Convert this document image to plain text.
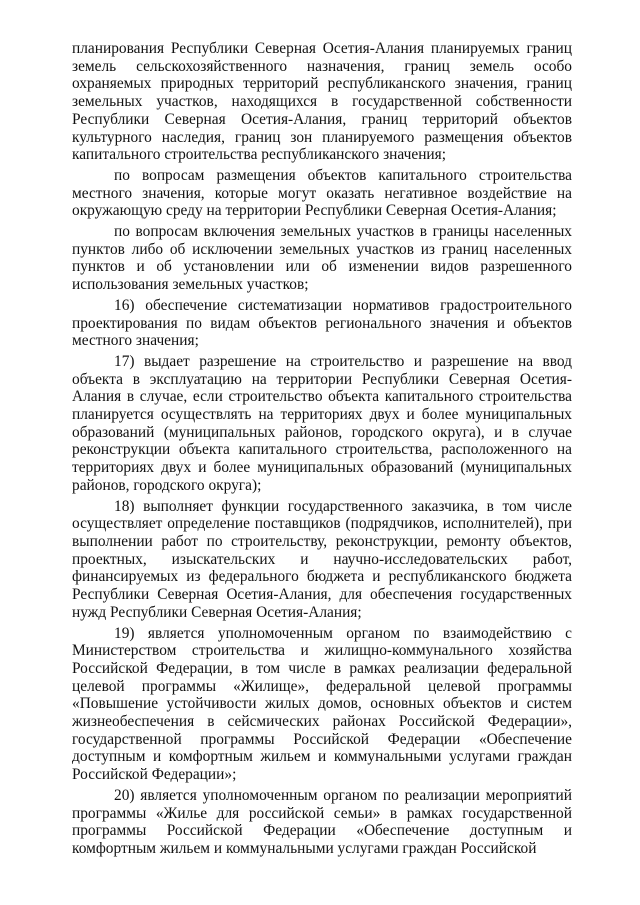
планирования Республики Северная Осетия-Алания планируемых границ земель сельскохозяйственного назначения, границ земель особо охраняемых природных территорий республиканского значения, границ земельных участков, находящихся в государственной собственности Республики Северная Осетия-Алания, границ территорий объектов культурного наследия, границ зон планируемого размещения объектов капитального строительства республиканского значения;

по вопросам размещения объектов капитального строительства местного значения, которые могут оказать негативное воздействие на окружающую среду на территории Республики Северная Осетия-Алания;

по вопросам включения земельных участков в границы населенных пунктов либо об исключении земельных участков из границ населенных пунктов и об установлении или об изменении видов разрешенного использования земельных участков;

16) обеспечение систематизации нормативов градостроительного проектирования по видам объектов регионального значения и объектов местного значения;

17) выдает разрешение на строительство и разрешение на ввод объекта в эксплуатацию на территории Республики Северная Осетия-Алания в случае, если строительство объекта капитального строительства планируется осуществлять на территориях двух и более муниципальных образований (муниципальных районов, городского округа), и в случае реконструкции объекта капитального строительства, расположенного на территориях двух и более муниципальных образований (муниципальных районов, городского округа);

18) выполняет функции государственного заказчика, в том числе осуществляет определение поставщиков (подрядчиков, исполнителей), при выполнении работ по строительству, реконструкции, ремонту объектов, проектных, изыскательских и научно-исследовательских работ, финансируемых из федерального бюджета и республиканского бюджета Республики Северная Осетия-Алания, для обеспечения государственных нужд Республики Северная Осетия-Алания;

19) является уполномоченным органом по взаимодействию с Министерством строительства и жилищно-коммунального хозяйства Российской Федерации, в том числе в рамках реализации федеральной целевой программы «Жилище», федеральной целевой программы «Повышение устойчивости жилых домов, основных объектов и систем жизнеобеспечения в сейсмических районах Российской Федерации», государственной программы Российской Федерации «Обеспечение доступным и комфортным жильем и коммунальными услугами граждан Российской Федерации»;

20) является уполномоченным органом по реализации мероприятий программы «Жилье для российской семьи» в рамках государственной программы Российской Федерации «Обеспечение доступным и комфортным жильем и коммунальными услугами граждан Российской
